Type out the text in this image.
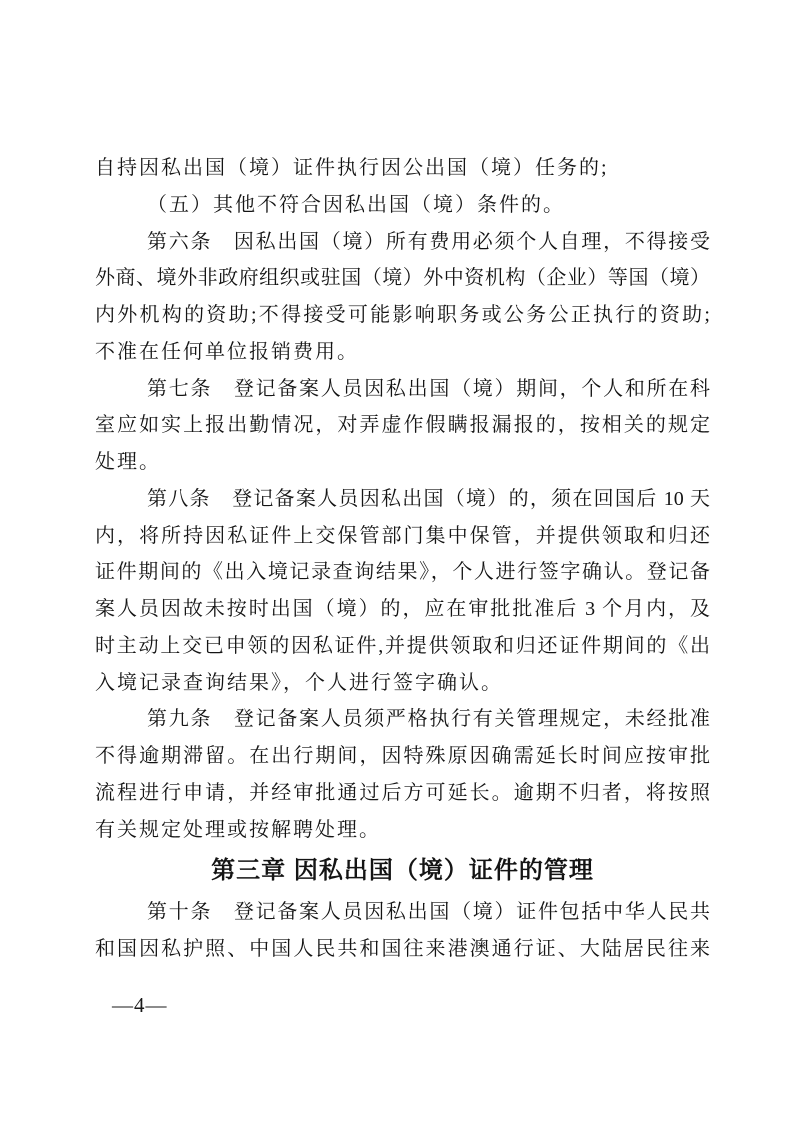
自持因私出国（境）证件执行因公出国（境）任务的;
（五）其他不符合因私出国（境）条件的。
第六条　因私出国（境）所有费用必须个人自理，不得接受
外商、境外非政府组织或驻国（境）外中资机构（企业）等国（境）
内外机构的资助;不得接受可能影响职务或公务公正执行的资助;
不准在任何单位报销费用。
第七条　登记备案人员因私出国（境）期间，个人和所在科
室应如实上报出勤情况，对弄虚作假瞒报漏报的，按相关的规定
处理。
第八条　登记备案人员因私出国（境）的，须在回国后 10 天
内，将所持因私证件上交保管部门集中保管，并提供领取和归还
证件期间的《出入境记录查询结果》，个人进行签字确认。登记备
案人员因故未按时出国（境）的，应在审批批准后 3 个月内，及
时主动上交已申领的因私证件,并提供领取和归还证件期间的《出
入境记录查询结果》，个人进行签字确认。
第九条　登记备案人员须严格执行有关管理规定，未经批准
不得逾期滞留。在出行期间，因特殊原因确需延长时间应按审批
流程进行申请，并经审批通过后方可延长。逾期不归者，将按照
有关规定处理或按解聘处理。
第三章 因私出国（境）证件的管理
第十条　登记备案人员因私出国（境）证件包括中华人民共
和国因私护照、中国人民共和国往来港澳通行证、大陆居民往来
—4—
